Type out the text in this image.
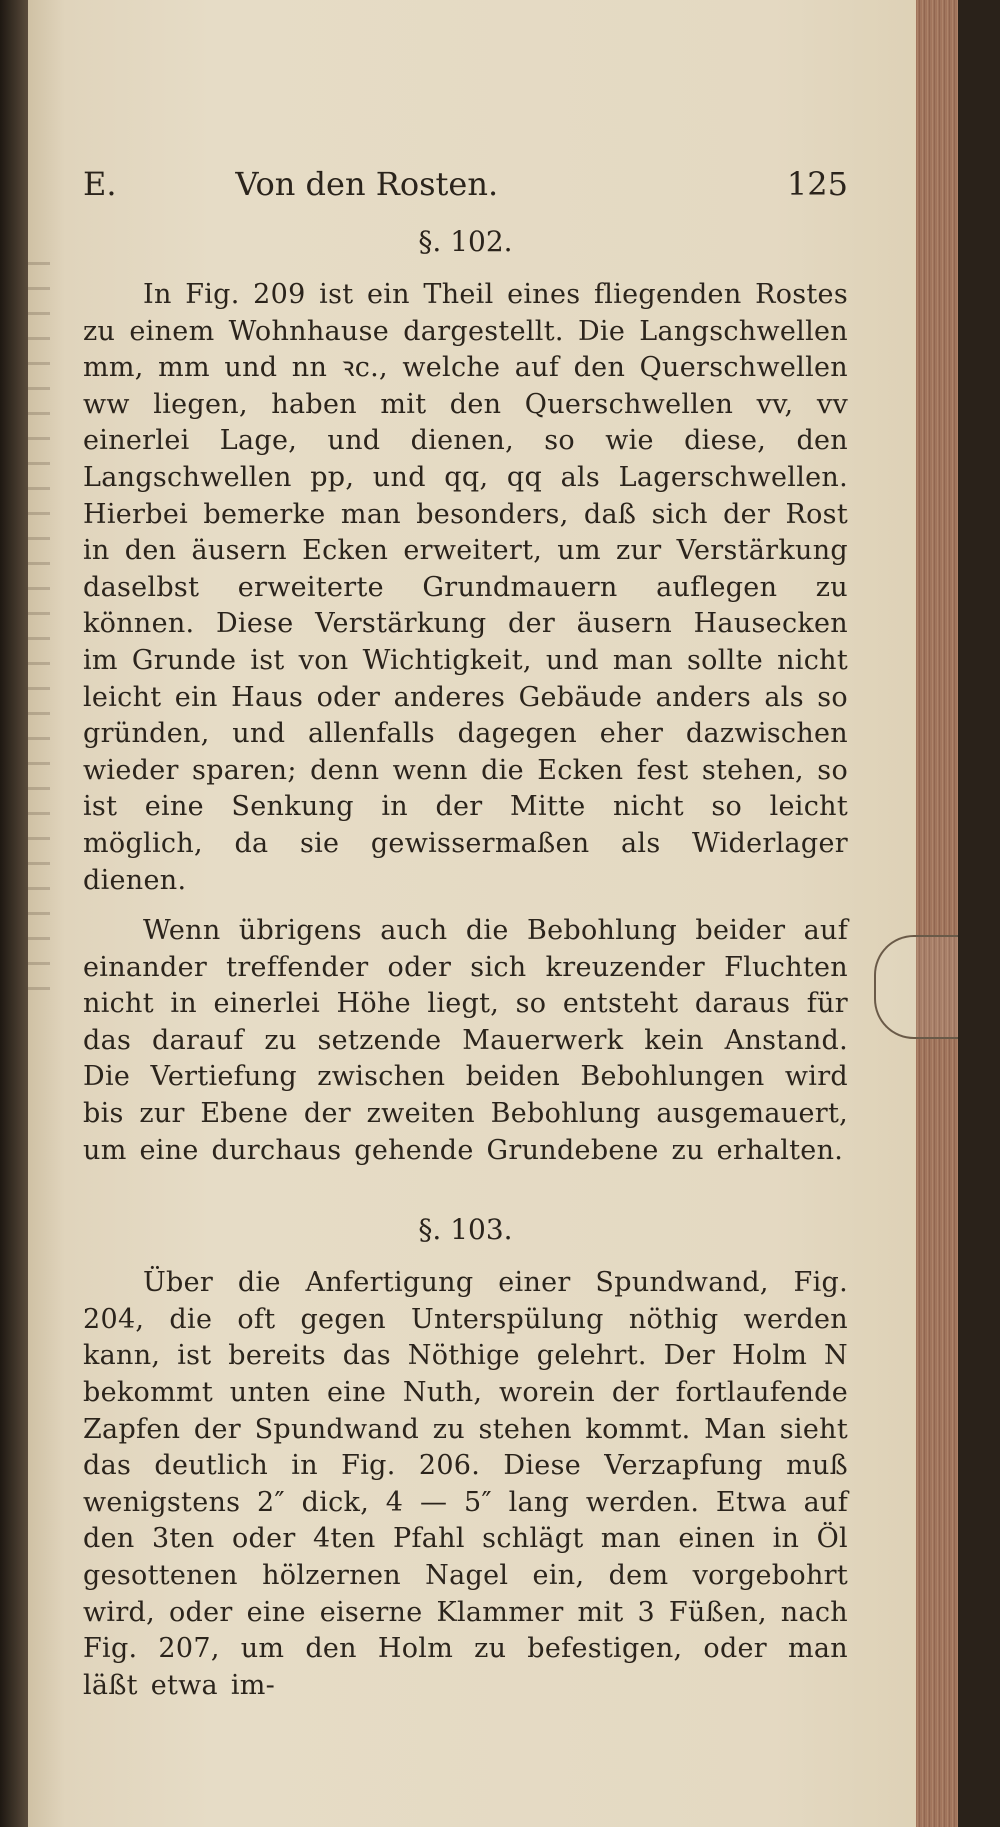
E.	Von den Rosten.	125
§. 102.

In Fig. 209 ist ein Theil eines fliegenden Rostes zu einem Wohnhause dargestellt. Die Langschwellen mm, mm und nn ꝛc., welche auf den Querschwellen ww liegen, haben mit den Querschwellen vv, vv einerlei Lage, und dienen, so wie diese, den Langschwellen pp, und qq, qq als Lagerschwellen. Hierbei bemerke man besonders, daß sich der Rost in den äusern Ecken erweitert, um zur Verstärkung daselbst erweiterte Grundmauern auflegen zu können. Diese Verstärkung der äusern Hausecken im Grunde ist von Wichtigkeit, und man sollte nicht leicht ein Haus oder anderes Gebäude anders als so gründen, und allenfalls dagegen eher dazwischen wieder sparen; denn wenn die Ecken fest stehen, so ist eine Senkung in der Mitte nicht so leicht möglich, da sie gewissermaßen als Widerlager dienen.

Wenn übrigens auch die Bebohlung beider auf einander treffender oder sich kreuzender Fluchten nicht in einerlei Höhe liegt, so entsteht daraus für das darauf zu setzende Mauerwerk kein Anstand. Die Vertiefung zwischen beiden Bebohlungen wird bis zur Ebene der zweiten Bebohlung ausgemauert, um eine durchaus gehende Grundebene zu erhalten.

§. 103.

Über die Anfertigung einer Spundwand, Fig. 204, die oft gegen Unterspülung nöthig werden kann, ist bereits das Nöthige gelehrt. Der Holm N bekommt unten eine Nuth, worein der fortlaufende Zapfen der Spundwand zu stehen kommt. Man sieht das deutlich in Fig. 206. Diese Verzapfung muß wenigstens 2″ dick, 4 — 5″ lang werden. Etwa auf den 3ten oder 4ten Pfahl schlägt man einen in Öl gesottenen hölzernen Nagel ein, dem vorgebohrt wird, oder eine eiserne Klammer mit 3 Füßen, nach Fig. 207, um den Holm zu befestigen, oder man läßt etwa im-
